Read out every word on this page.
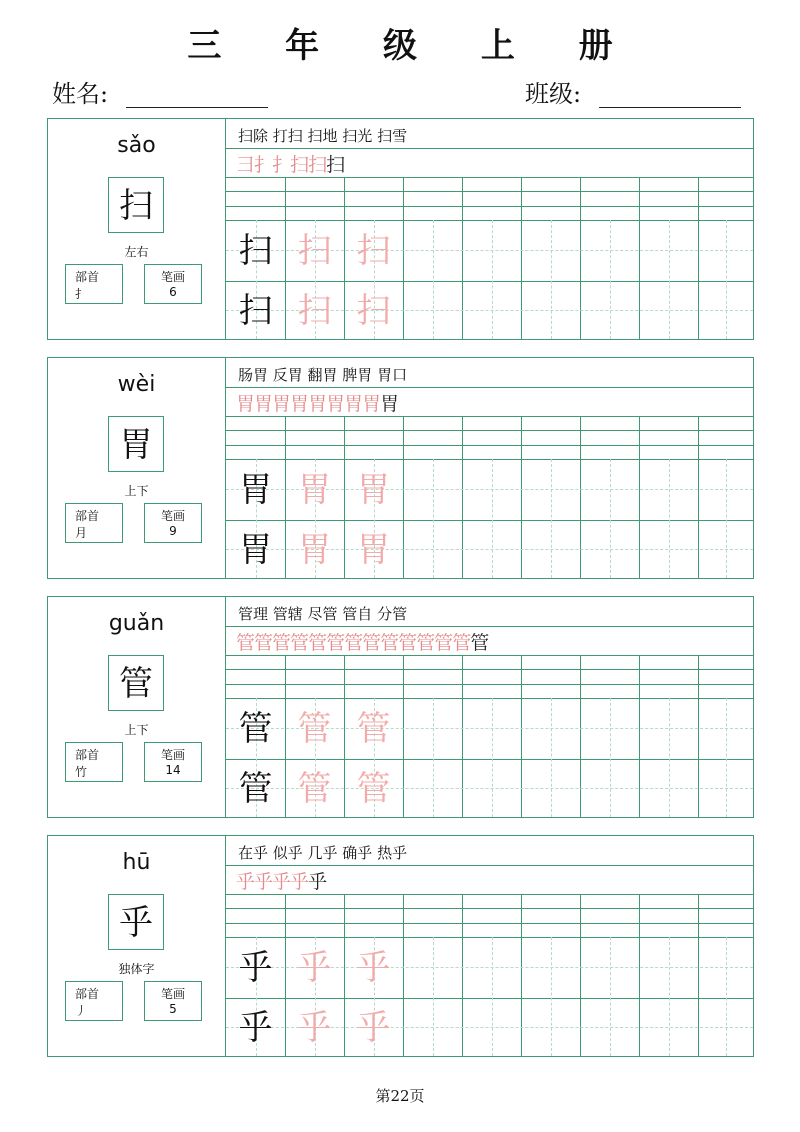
三 年 级 上 册
姓名:	班级:
sǎo
扫
左右
部首
扌
笔画
6
扫除 打扫 扫地 扫光 扫雪
彐扌扌扫扫扫
扫 扫 扫
扫 扫 扫
wèi
胃
上下
部首
月
笔画
9
肠胃 反胃 翻胃 脾胃 胃口
胃胃胃胃胃胃胃胃胃
胃 胃 胃
胃 胃 胃
guǎn
管
上下
部首
竹
笔画
14
管理 管辖 尽管 管自 分管
管管管管管管管管管管管管管管
管 管 管
管 管 管
hū
乎
独体字
部首
丿
笔画
5
在乎 似乎 几乎 确乎 热乎
乎乎乎乎乎
乎 乎 乎
乎 乎 乎
第22页
